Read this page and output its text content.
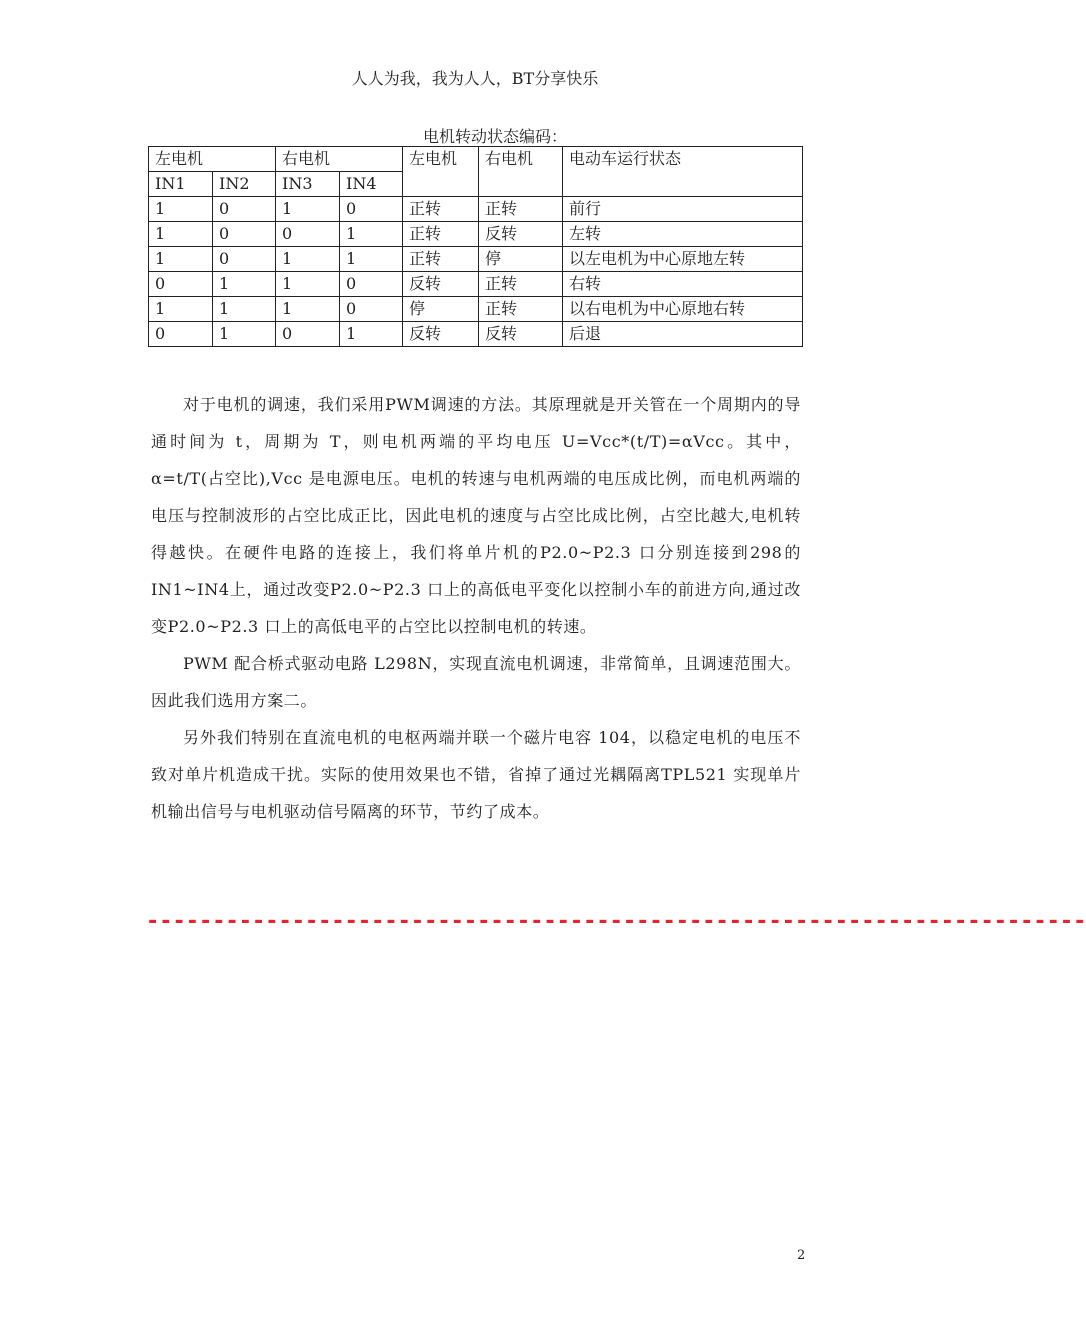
人人为我，我为人人，BT分享快乐
电机转动状态编码：
左电机		右电机		左电机	右电机	电动车运行状态
IN1	IN2	IN3	IN4			
1	0	1	0	正转	正转	前行
1	0	0	1	正转	反转	左转
1	0	1	1	正转	停	以左电机为中心原地左转
0	1	1	0	反转	正转	右转
1	1	1	0	停	正转	以右电机为中心原地右转
0	1	0	1	反转	反转	后退

对于电机的调速，我们采用PWM调速的方法。其原理就是开关管在一个周期内的导通时间为 t，周期为 T，则电机两端的平均电压 U=Vcc*(t/T)=αVcc。其中， α=t/T(占空比),Vcc 是电源电压。电机的转速与电机两端的电压成比例，而电机两端的电压与控制波形的占空比成正比，因此电机的速度与占空比成比例，占空比越大,电机转得越快。在硬件电路的连接上，我们将单片机的P2.0~P2.3 口分别连接到298的IN1~IN4上，通过改变P2.0~P2.3 口上的高低电平变化以控制小车的前进方向,通过改变P2.0~P2.3 口上的高低电平的占空比以控制电机的转速。

PWM 配合桥式驱动电路 L298N，实现直流电机调速，非常简单，且调速范围大。因此我们选用方案二。

另外我们特别在直流电机的电枢两端并联一个磁片电容 104，以稳定电机的电压不致对单片机造成干扰。实际的使用效果也不错，省掉了通过光耦隔离TPL521 实现单片机输出信号与电机驱动信号隔离的环节，节约了成本。

-----------------------------------------------------------------------
2
